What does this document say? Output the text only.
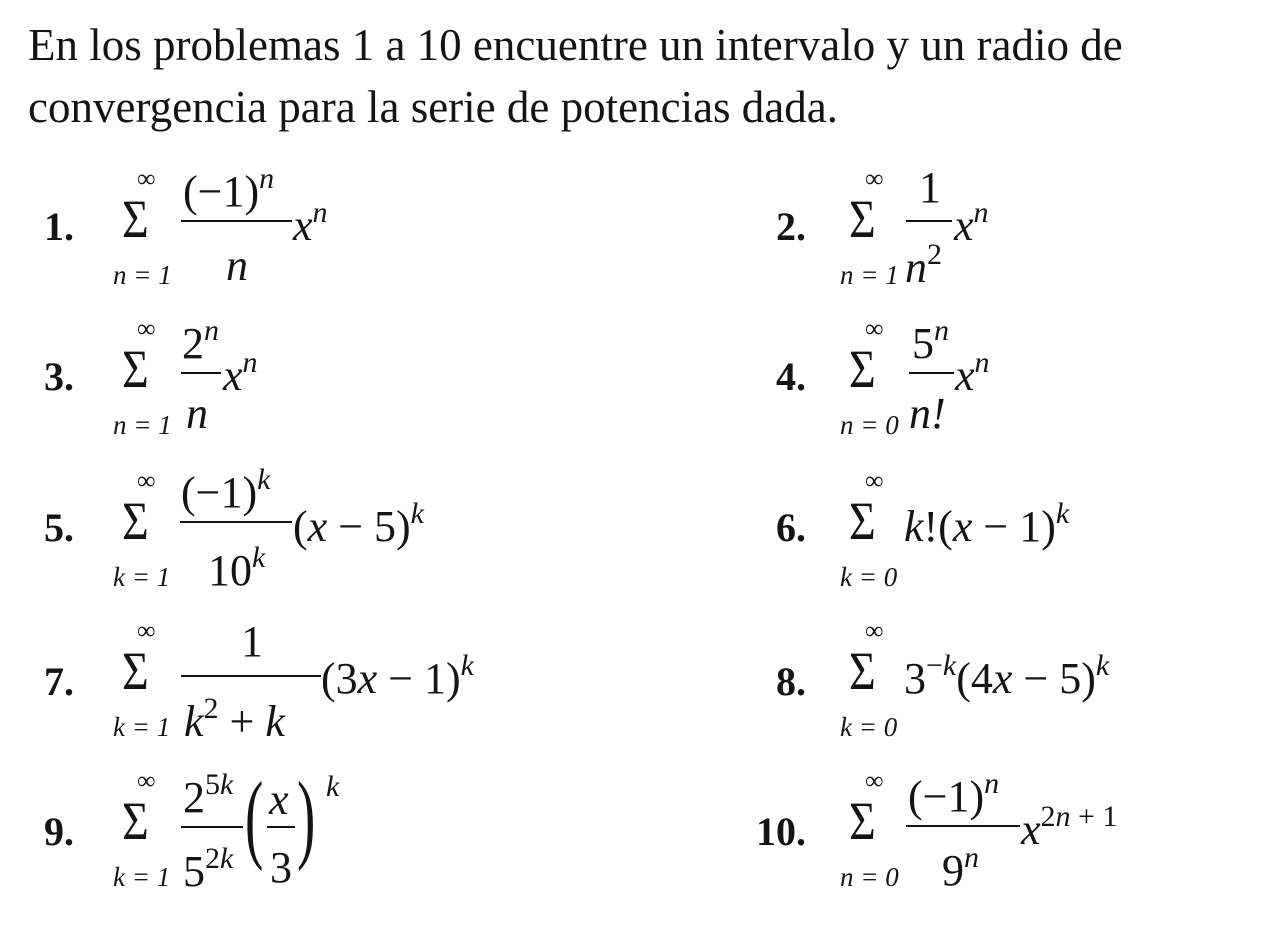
En los problemas 1 a 10 encuentre un intervalo y un radio de
convergencia para la serie de potencias dada.
1.
∞
Σ
n = 1
$(-1)^n$
n
$x^n$	2.
∞
Σ
n = 1
1
$n^2$
$x^n$
3.
∞
Σ
n = 1
2$^n$
n
$x^n$	4.
∞
Σ
n = 0
5$^n$
n!
$x^n$
5.
∞
Σ
k = 1
$(-1)^k$
10$^k$
$(x - 5)^k$	6.
∞
Σ
k = 0
$k!(x - 1)^k$
7.
∞
Σ
k = 1
1
$k^2 + k$
$(3x - 1)^k$	8.
∞
Σ
k = 0
$3^{-k}(4x - 5)^k$
9.
∞
Σ
k = 1
$2^{5k}$
$5^{2k}$ ( x
3 ) k
10.
∞
Σ
n = 0
$(-1)^n$
9$^n$
$x^{2n}$ $^{+ 1}$
